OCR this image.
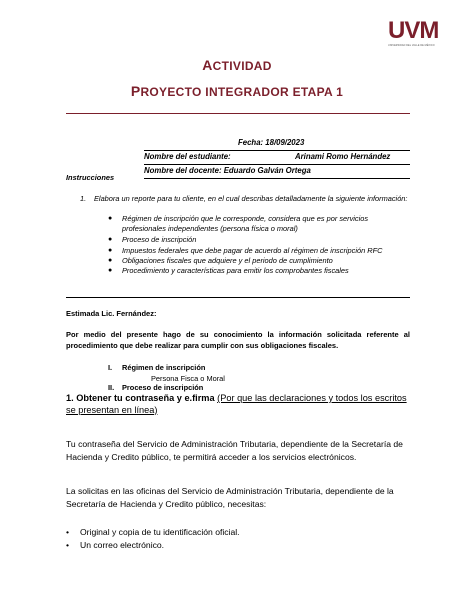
UVM
UNIVERSIDAD DEL VALLE DE MÉXICO
ACTIVIDAD
PROYECTO INTEGRADOR ETAPA 1
Fecha: 18/09/2023
Nombre del estudiante:	Arinami Romo Hernández
Nombre del docente: Eduardo Galván Ortega
Instrucciones
1. Elabora un reporte para tu cliente, en el cual describas detalladamente la siguiente información:
● Régimen de inscripción que le corresponde, considera que es por servicios profesionales independientes (persona física o moral)
● Proceso de inscripción
● Impuestos federales que debe pagar de acuerdo al régimen de inscripción RFC
● Obligaciones fiscales que adquiere y el periodo de cumplimiento
● Procedimiento y características para emitir los comprobantes fiscales
Estimada Lic. Fernández:
Por medio del presente hago de su conocimiento la información solicitada referente al procedimiento que debe realizar para cumplir con sus obligaciones fiscales.
I. Régimen de inscripción
Persona Fisca o Moral
II. Proceso de inscripción
1. Obtener tu contraseña y e.firma (Por que las declaraciones y todos los escritos se presentan en línea)
Tu contraseña del Servicio de Administración Tributaria, dependiente de la Secretaría de Hacienda y Credito público, te permitirá acceder a los servicios electrónicos.
La solicitas en las oficinas del Servicio de Administración Tributaria, dependiente de la Secretaría de Hacienda y Credito público, necesitas:
• Original y copia de tu identificación oficial.
• Un correo electrónico.
